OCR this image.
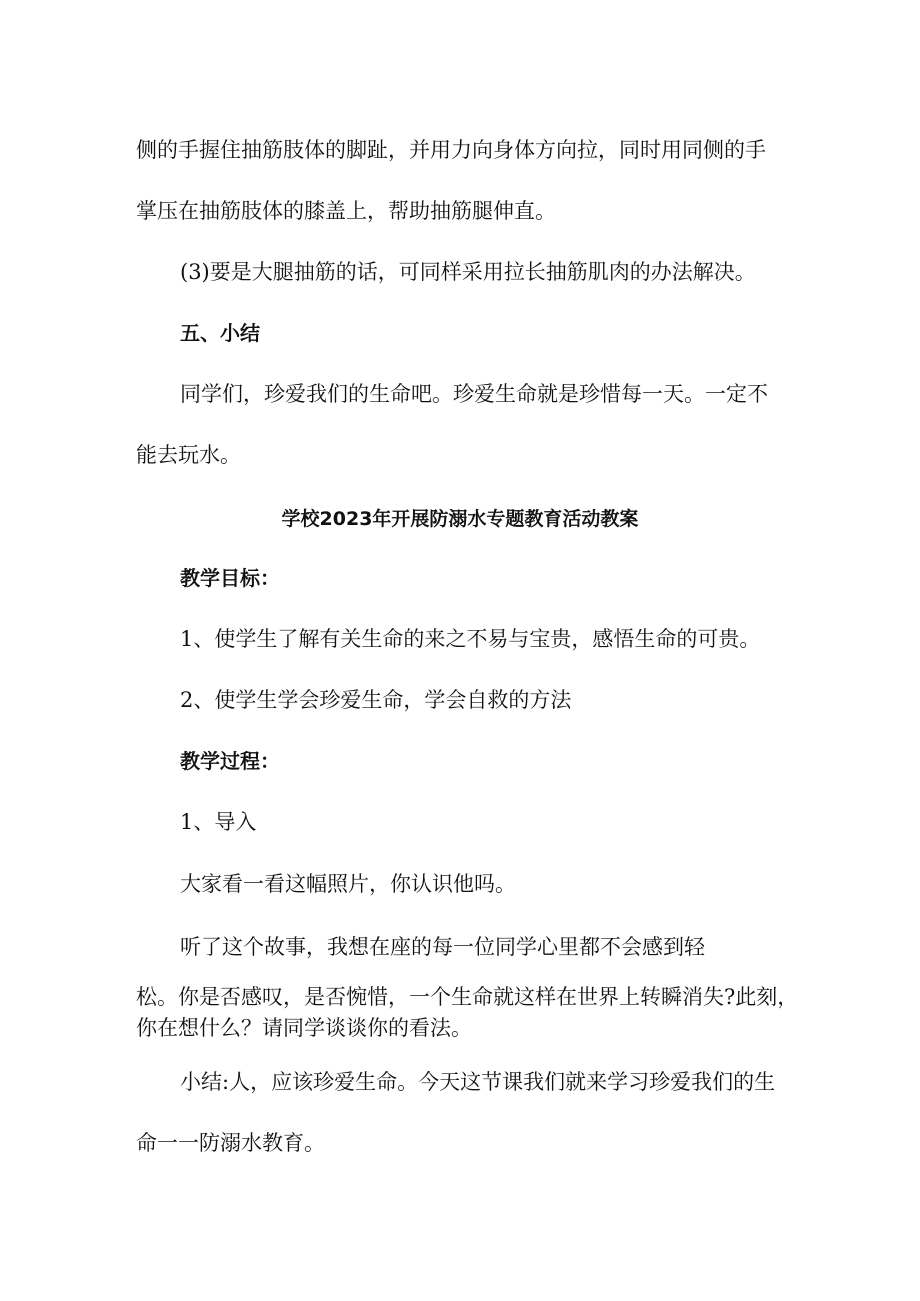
侧的手握住抽筋肢体的脚趾，并用力向身体方向拉，同时用同侧的手
掌压在抽筋肢体的膝盖上，帮助抽筋腿伸直。
(3)要是大腿抽筋的话，可同样采用拉长抽筋肌肉的办法解决。
五、小结
同学们，珍爱我们的生命吧。珍爱生命就是珍惜每一天。一定不
能去玩水。
学校2023年开展防溺水专题教育活动教案
教学目标：
1、使学生了解有关生命的来之不易与宝贵，感悟生命的可贵。
2、使学生学会珍爱生命，学会自救的方法
教学过程：
1、导入
大家看一看这幅照片，你认识他吗。
听了这个故事，我想在座的每一位同学心里都不会感到轻
松。你是否感叹，是否惋惜，一个生命就这样在世界上转瞬消失?此刻，
你在想什么？请同学谈谈你的看法。
小结:人，应该珍爱生命。今天这节课我们就来学习珍爱我们的生
命一一防溺水教育。
